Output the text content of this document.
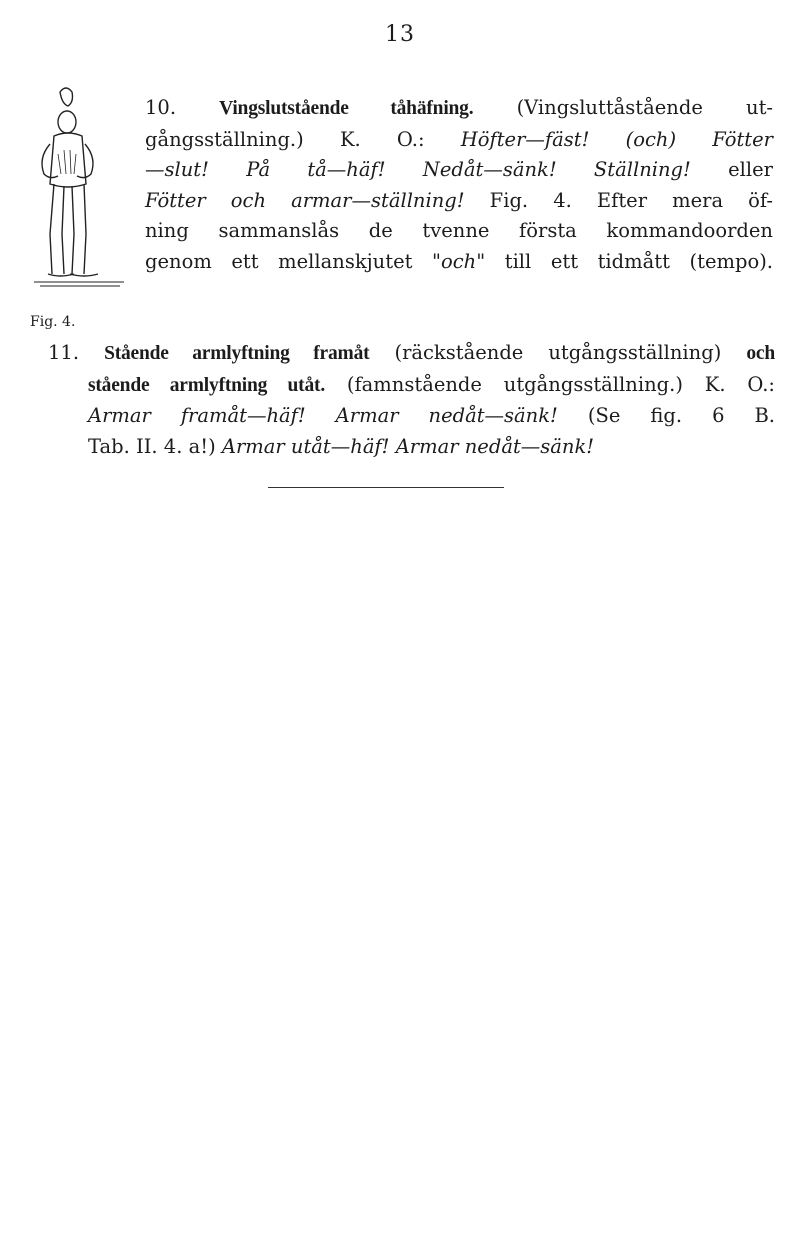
13
Fig. 4.
10. Vingslutstående tåhäfning. (Vingsluttåstående ut-
gångsställning.) K. O.: Höfter—fäst! (och) Fötter
—slut! På tå—häf! Nedåt—sänk! Ställning! eller
Fötter och armar—ställning! Fig. 4. Efter mera öf-
ning sammanslås de tvenne första kommandoorden
genom ett mellanskjutet "och" till ett tidmått (tempo).
11. Stående armlyftning framåt (räckstående utgångsställning) och
stående armlyftning utåt. (famnstående utgångsställning.) K. O.:
Armar framåt—häf! Armar nedåt—sänk! (Se fig. 6 B.
Tab. II. 4. a!) Armar utåt—häf! Armar nedåt—sänk!
